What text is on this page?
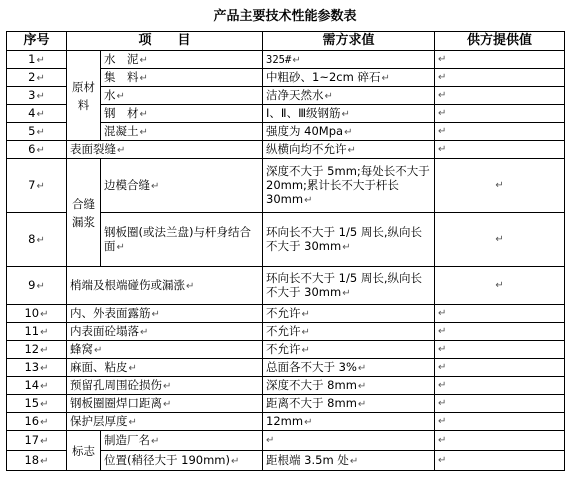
产品主要技术性能参数表
序号	项　　目		需方求值	供方提供值
1↵	原材料	水　泥↵	325#↵	↵
2↵		集　料↵	中粗砂、1~2cm 碎石↵	↵
3↵		水↵	洁净天然水↵	↵
4↵		钢　材↵	Ⅰ、Ⅱ、Ⅲ级钢筋↵	↵
5↵		混凝土↵	强度为 40Mpa↵	↵
6↵	表面裂缝↵		纵横向均不允许↵	↵
7↵	合缝漏浆	边模合缝↵	深度不大于 5mm;每处长不大于 20mm;累计长不大于杆长 30mm↵	↵
8↵		钢板圈(或法兰盘)与杆身结合面↵	环向长不大于 1/5 周长,纵向长不大于 30mm↵	↵
9↵	梢端及根端碰伤或漏涨↵		环向长不大于 1/5 周长,纵向长不大于 30mm↵	↵
10↵	内、外表面露筋↵		不允许↵	↵
11↵	内表面砼塌落↵		不允许↵	↵
12↵	蜂窝↵		不允许↵	↵
13↵	麻面、粘皮↵		总面各不大于 3%↵	↵
14↵	预留孔周围砼损伤↵		深度不大于 8mm↵	↵
15↵	钢板圈圈焊口距离↵		距离不大于 8mm↵	↵
16↵	保护层厚度↵		12mm↵	↵
17↵	标志	制造厂名↵	↵	↵
18↵		位置(稍径大于 190mm)↵	距根端 3.5m 处↵	↵
